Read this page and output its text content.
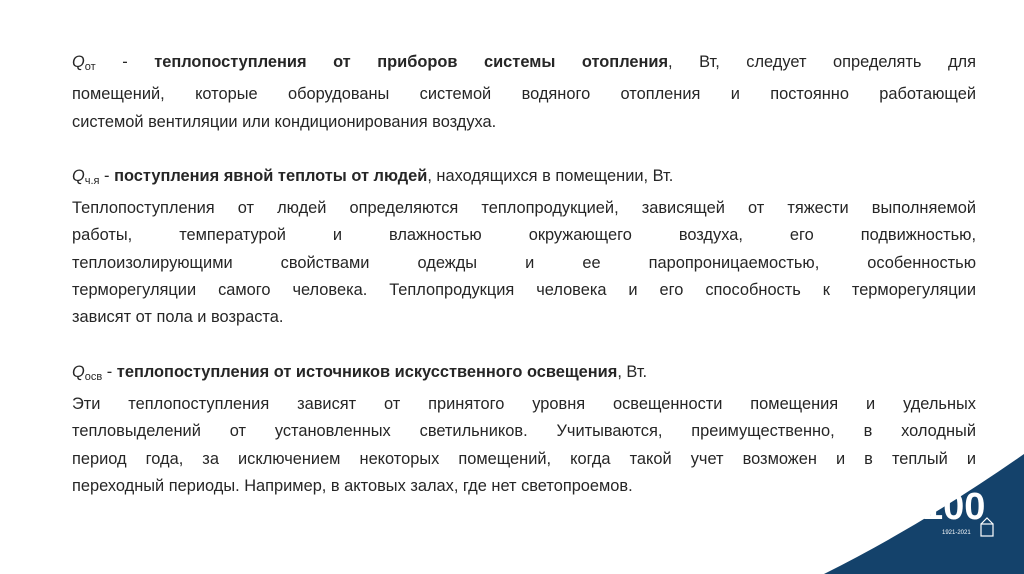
$Q_{от}$ - теплопоступления от приборов системы отопления, Вт, следует определять для
помещений, которые оборудованы системой водяного отопления и постоянно работающей
системой вентиляции или кондиционирования воздуха.

$Q_{ч.я}$ - поступления явной теплоты от людей, находящихся в помещении, Вт.
Теплопоступления от людей определяются теплопродукцией, зависящей от тяжести выполняемой
работы, температурой и влажностью окружающего воздуха, его подвижностью,
теплоизолирующими свойствами одежды и ее паропроницаемостью, особенностью
терморегуляции самого человека. Теплопродукция человека и его способность к терморегуляции
зависят от пола и возраста.

$Q_{осв}$ - теплопоступления от источников искусственного освещения, Вт.
Эти теплопоступления зависят от принятого уровня освещенности помещения и удельных
тепловыделений от установленных светильников. Учитываются, преимущественно, в холодный
период года, за исключением некоторых помещений, когда такой учет возможен и в теплый и
переходный периоды. Например, в актовых залах, где нет светопроемов.

100
1921-2021
